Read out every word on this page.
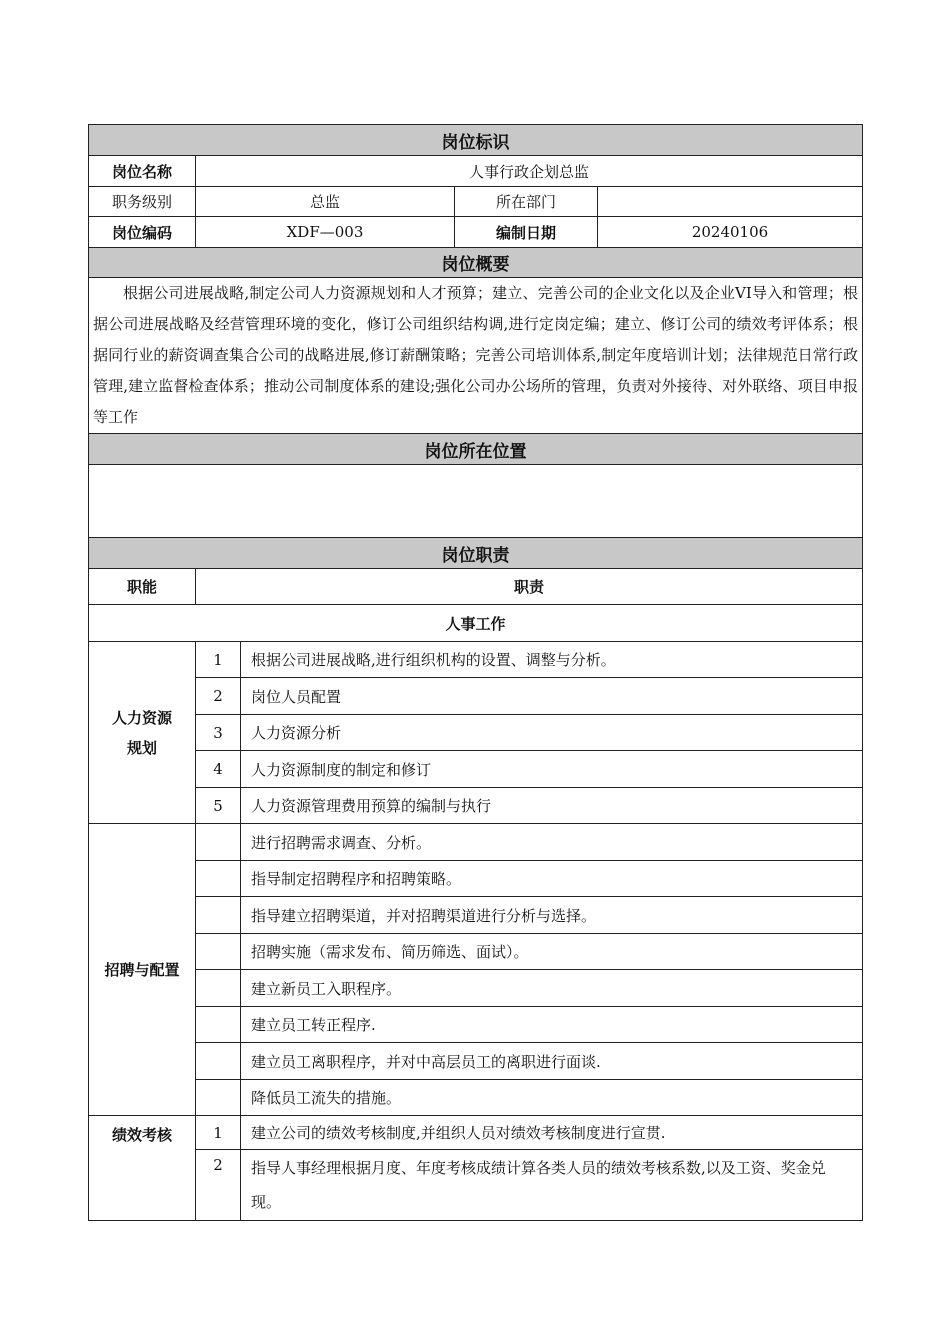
岗位标识				
岗位名称	人事行政企划总监			
职务级别	总监		所在部门	
岗位编码	XDF—003		编制日期	20240106
岗位概要				
根据公司进展战略,制定公司人力资源规划和人才预算；建立、完善公司的企业文化以及企业VI导入和管理；根据公司进展战略及经营管理环境的变化，修订公司组织结构调,进行定岗定编；建立、修订公司的绩效考评体系；根据同行业的薪资调查集合公司的战略进展,修订薪酬策略；完善公司培训体系,制定年度培训计划；法律规范日常行政管理,建立监督检查体系；推动公司制度体系的建设;强化公司办公场所的管理，负责对外接待、对外联络、项目申报等工作				
岗位所在位置				

岗位职责				
职能	职责			
人事工作				

人力资源规划	1	根据公司进展战略,进行组织机构的设置、调整与分析。		
	2	岗位人员配置		
	3	人力资源分析		
	4	人力资源制度的制定和修订		
	5	人力资源管理费用预算的编制与执行		
招聘与配置		进行招聘需求调查、分析。		
		指导制定招聘程序和招聘策略。		
		指导建立招聘渠道，并对招聘渠道进行分析与选择。		
		招聘实施（需求发布、简历筛选、面试）。		
		建立新员工入职程序。		
		建立员工转正程序.		
		建立员工离职程序，并对中高层员工的离职进行面谈.		
		降低员工流失的措施。		
绩效考核	1	建立公司的绩效考核制度,并组织人员对绩效考核制度进行宣贯.		
	2	指导人事经理根据月度、年度考核成绩计算各类人员的绩效考核系数,以及工资、奖金兑现。		
